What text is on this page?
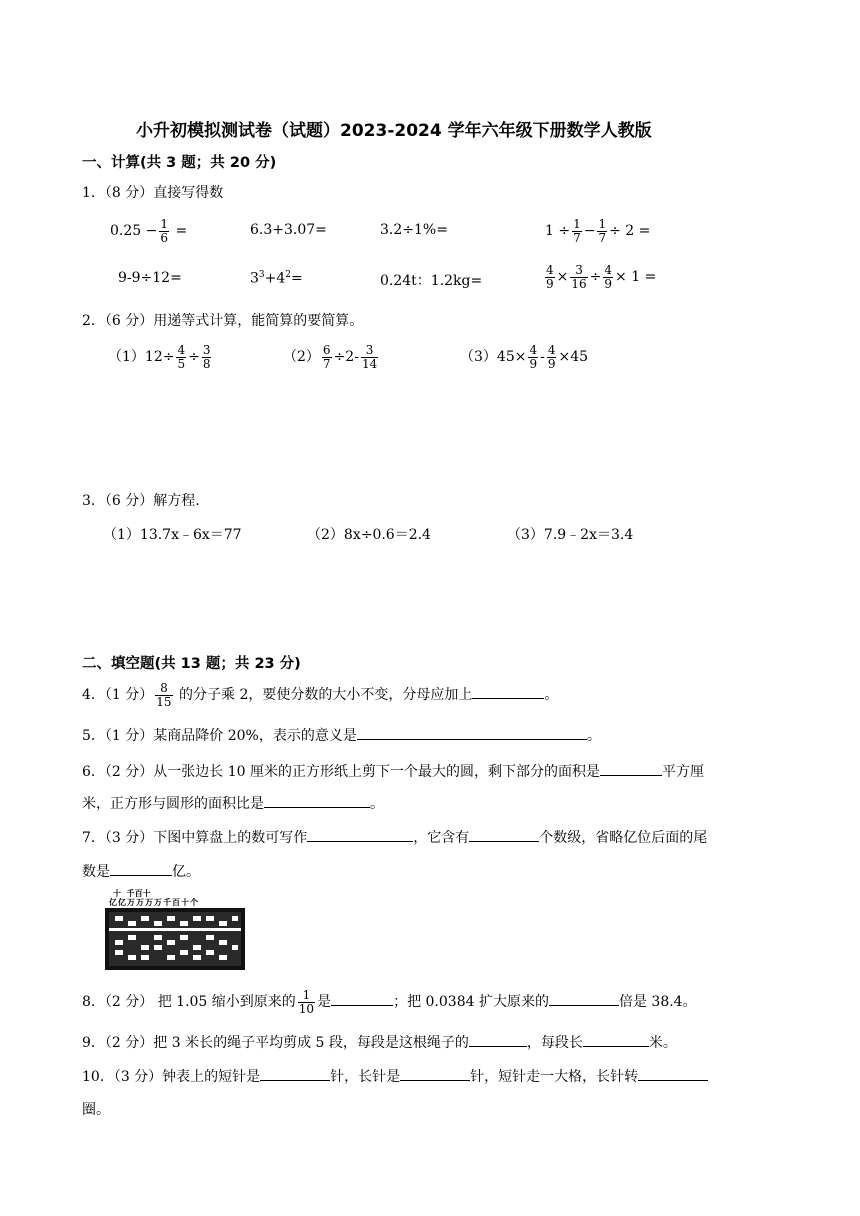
小升初模拟测试卷（试题）2023-2024 学年六年级下册数学人教版
一、计算(共 3 题；共 20 分)
1．（8 分）直接写得数
$0.25 - \frac{1}{6}$ =	6.3+3.07=	3.2÷1%=	$1 \div \frac{1}{7} - \frac{1}{7} \div 2$ =
9-9÷12=	$3^3+4^2=$	0.24t：1.2kg=	$\frac{4}{9} \times \frac{3}{16} \div \frac{4}{9} \times 1$ =
2．（6 分）用递等式计算，能简算的要简算。
$(1)12\div \frac{4}{5} \div \frac{3}{8}$	$(2) \frac{6}{7} \div 2- \frac{3}{14}$	$(3)45\times \frac{4}{9} - \frac{4}{9} \times 45$
3．（6 分）解方程.
（1）13.7x﹣6x＝77	（2）8x÷0.6＝2.4	（3）7.9﹣2x＝3.4
二、填空题(共 13 题；共 23 分)
4．（1 分） $\frac{8}{15}$ 的分子乘 2，要使分数的大小不变，分母应加上	。
5．（1 分）某商品降价 20%，表示的意义是	。
6．（2 分）从一张边长 10 厘米的正方形纸上剪下一个最大的圆，剩下部分的面积是	平方厘
米，正方形与圆形的面积比是	。
7．（3 分）下图中算盘上的数可写作	，它含有	个数级，省略亿位后面的尾
数是	亿。
十  千百十
亿亿万万万万千百十个
8．（2 分） 把 1.05 缩小到原来的 $\frac{1}{10}$ 是	；把 0.0384 扩大原来的	倍是 38.4。
9．（2 分）把 3 米长的绳子平均剪成 5 段，每段是这根绳子的	，每段长	米。
10．（3 分）钟表上的短针是	针，长针是	针，短针走一大格，长针转
圈。
